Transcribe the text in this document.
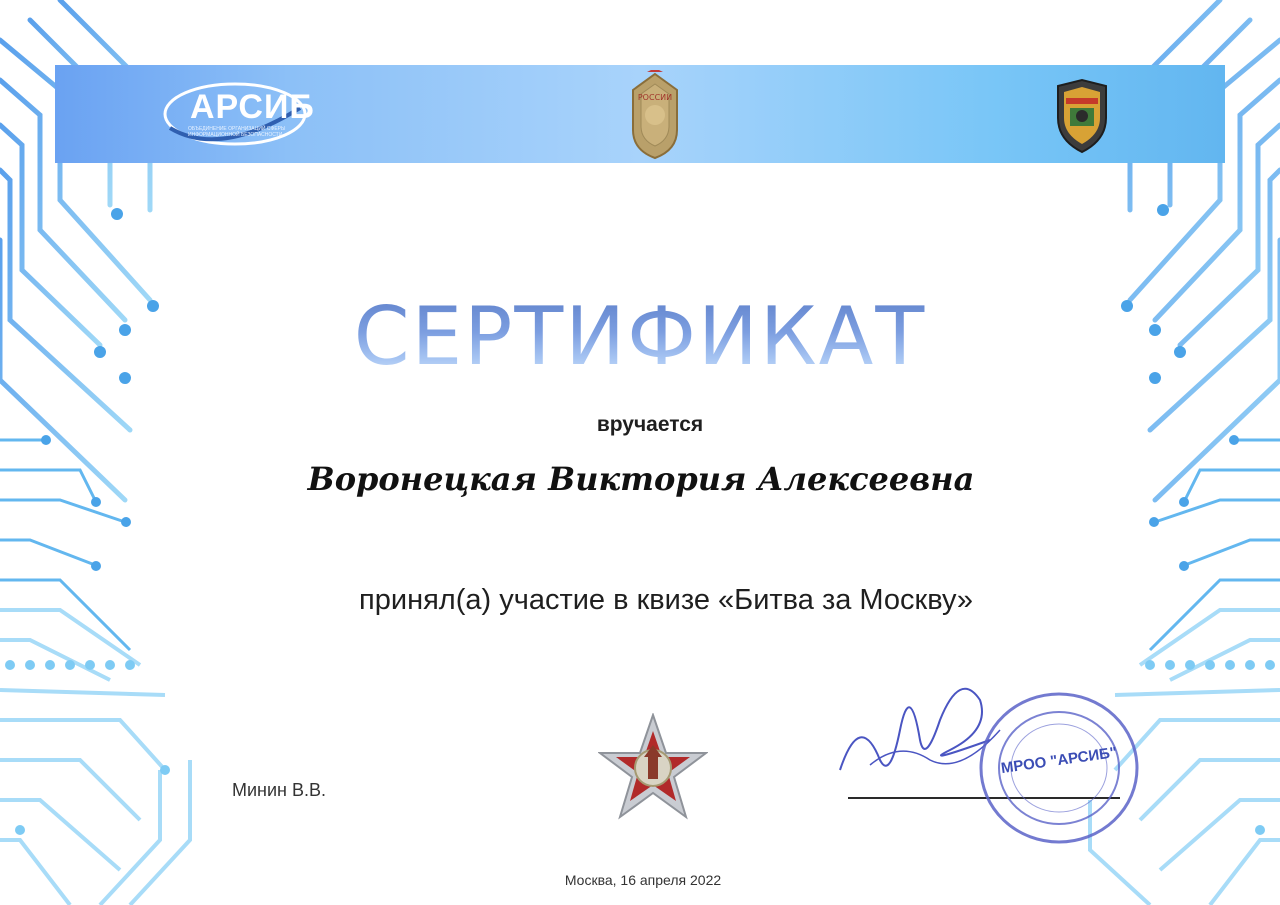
АРСИБ
ОБЪЕДИНЕНИЕ ОРГАНИЗАЦИЙ СФЕРЫ ИНФОРМАЦИОННОЙ БЕЗОПАСНОСТИ
РОССИИ
СЕРТИФИКАТ
вручается
Воронецкая Виктория Алексеевна
принял(а) участие в квизе «Битва за Москву»
Минин В.В.
МРОО "АРСИБ"
Москва, 16 апреля 2022
